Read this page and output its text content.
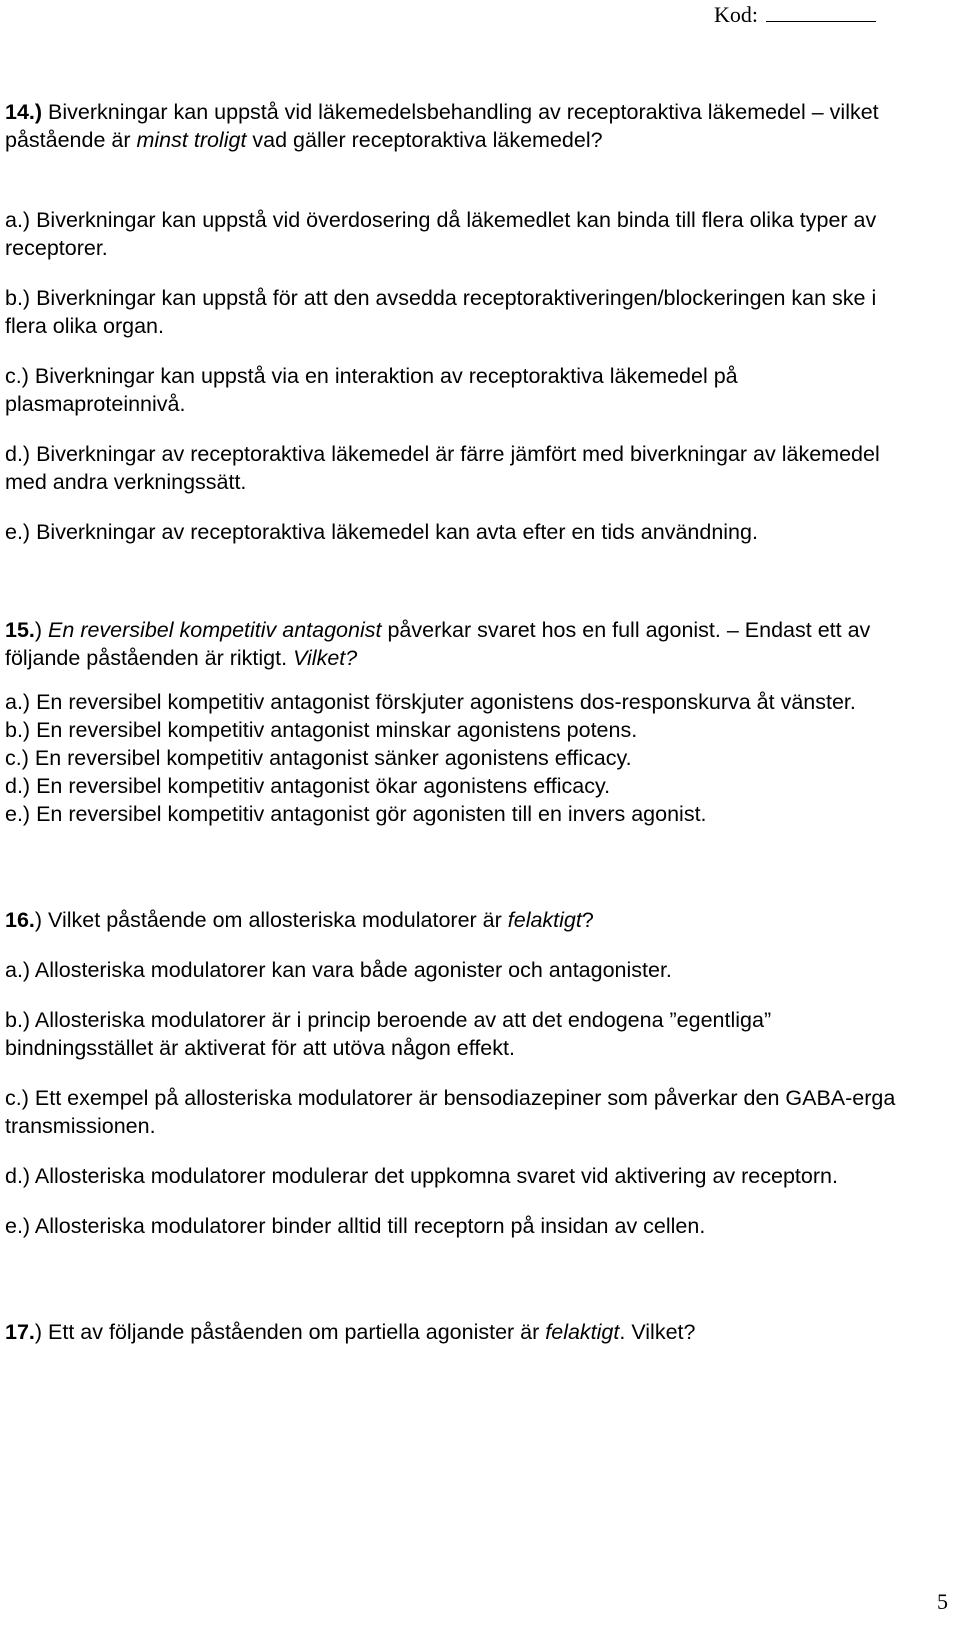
Kod:

14.) Biverkningar kan uppstå vid läkemedelsbehandling av receptoraktiva läkemedel – vilket påstående är minst troligt vad gäller receptoraktiva läkemedel?

a.) Biverkningar kan uppstå vid överdosering då läkemedlet kan binda till flera olika typer av receptorer.

b.) Biverkningar kan uppstå för att den avsedda receptoraktiveringen/blockeringen kan ske i flera olika organ.

c.) Biverkningar kan uppstå via en interaktion av receptoraktiva läkemedel på plasmaproteinnivå.

d.) Biverkningar av receptoraktiva läkemedel är färre jämfört med biverkningar av läkemedel med andra verkningssätt.

e.) Biverkningar av receptoraktiva läkemedel kan avta efter en tids användning.

15.) En reversibel kompetitiv antagonist påverkar svaret hos en full agonist. – Endast ett av följande påståenden är riktigt. Vilket?

a.) En reversibel kompetitiv antagonist förskjuter agonistens dos-responskurva åt vänster.

b.) En reversibel kompetitiv antagonist minskar agonistens potens.

c.) En reversibel kompetitiv antagonist sänker agonistens efficacy.

d.) En reversibel kompetitiv antagonist ökar agonistens efficacy.

e.) En reversibel kompetitiv antagonist gör agonisten till en invers agonist.

16.) Vilket påstående om allosteriska modulatorer är felaktigt?

a.) Allosteriska modulatorer kan vara både agonister och antagonister.

b.) Allosteriska modulatorer är i princip beroende av att det endogena ”egentliga” bindningsstället är aktiverat för att utöva någon effekt.

c.) Ett exempel på allosteriska modulatorer är bensodiazepiner som påverkar den GABA-erga transmissionen.

d.) Allosteriska modulatorer modulerar det uppkomna svaret vid aktivering av receptorn.

e.) Allosteriska modulatorer binder alltid till receptorn på insidan av cellen.

17.) Ett av följande påståenden om partiella agonister är felaktigt. Vilket?

5
